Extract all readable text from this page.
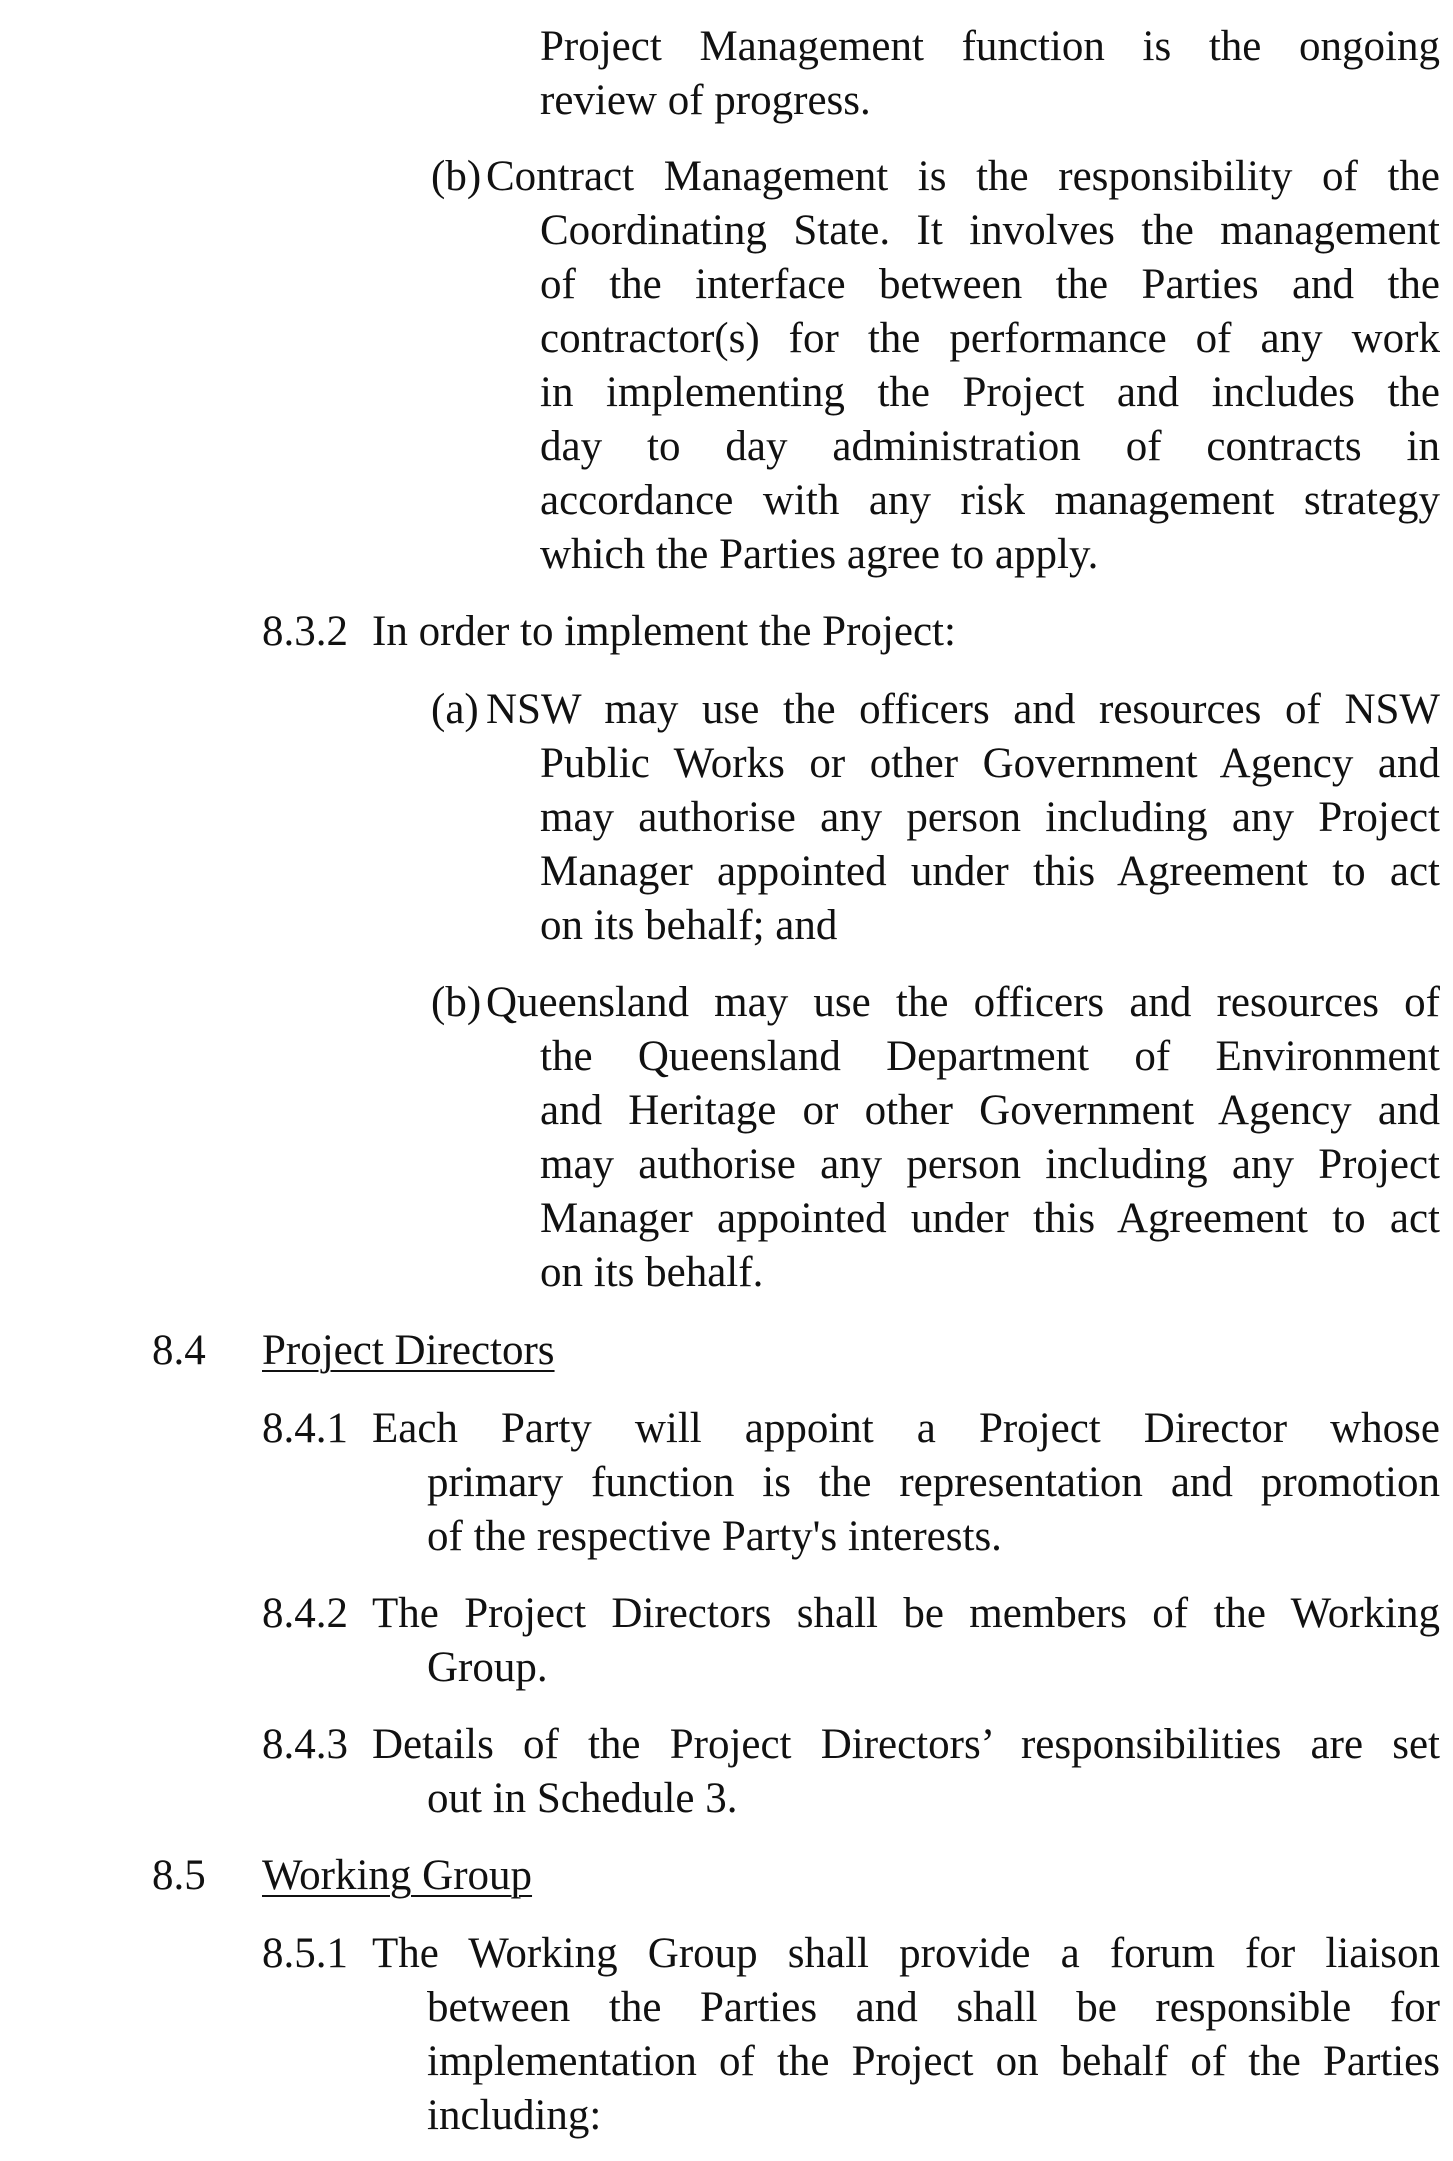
Project Management function is the ongoing
review of progress.
(b) Contract Management is the responsibility of the
Coordinating State. It involves the management
of the interface between the Parties and the
contractor(s) for the performance of any work
in implementing the Project and includes the
day to day administration of contracts in
accordance with any risk management strategy
which the Parties agree to apply.
8.3.2 In order to implement the Project:
(a) NSW may use the officers and resources of NSW
Public Works or other Government Agency and
may authorise any person including any Project
Manager appointed under this Agreement to act
on its behalf; and
(b) Queensland may use the officers and resources of
the Queensland Department of Environment
and Heritage or other Government Agency and
may authorise any person including any Project
Manager appointed under this Agreement to act
on its behalf.
8.4 Project Directors
8.4.1 Each Party will appoint a Project Director whose
primary function is the representation and promotion
of the respective Party's interests.
8.4.2 The Project Directors shall be members of the Working
Group.
8.4.3 Details of the Project Directors’ responsibilities are set
out in Schedule 3.
8.5 Working Group
8.5.1 The Working Group shall provide a forum for liaison
between the Parties and shall be responsible for
implementation of the Project on behalf of the Parties
including:
